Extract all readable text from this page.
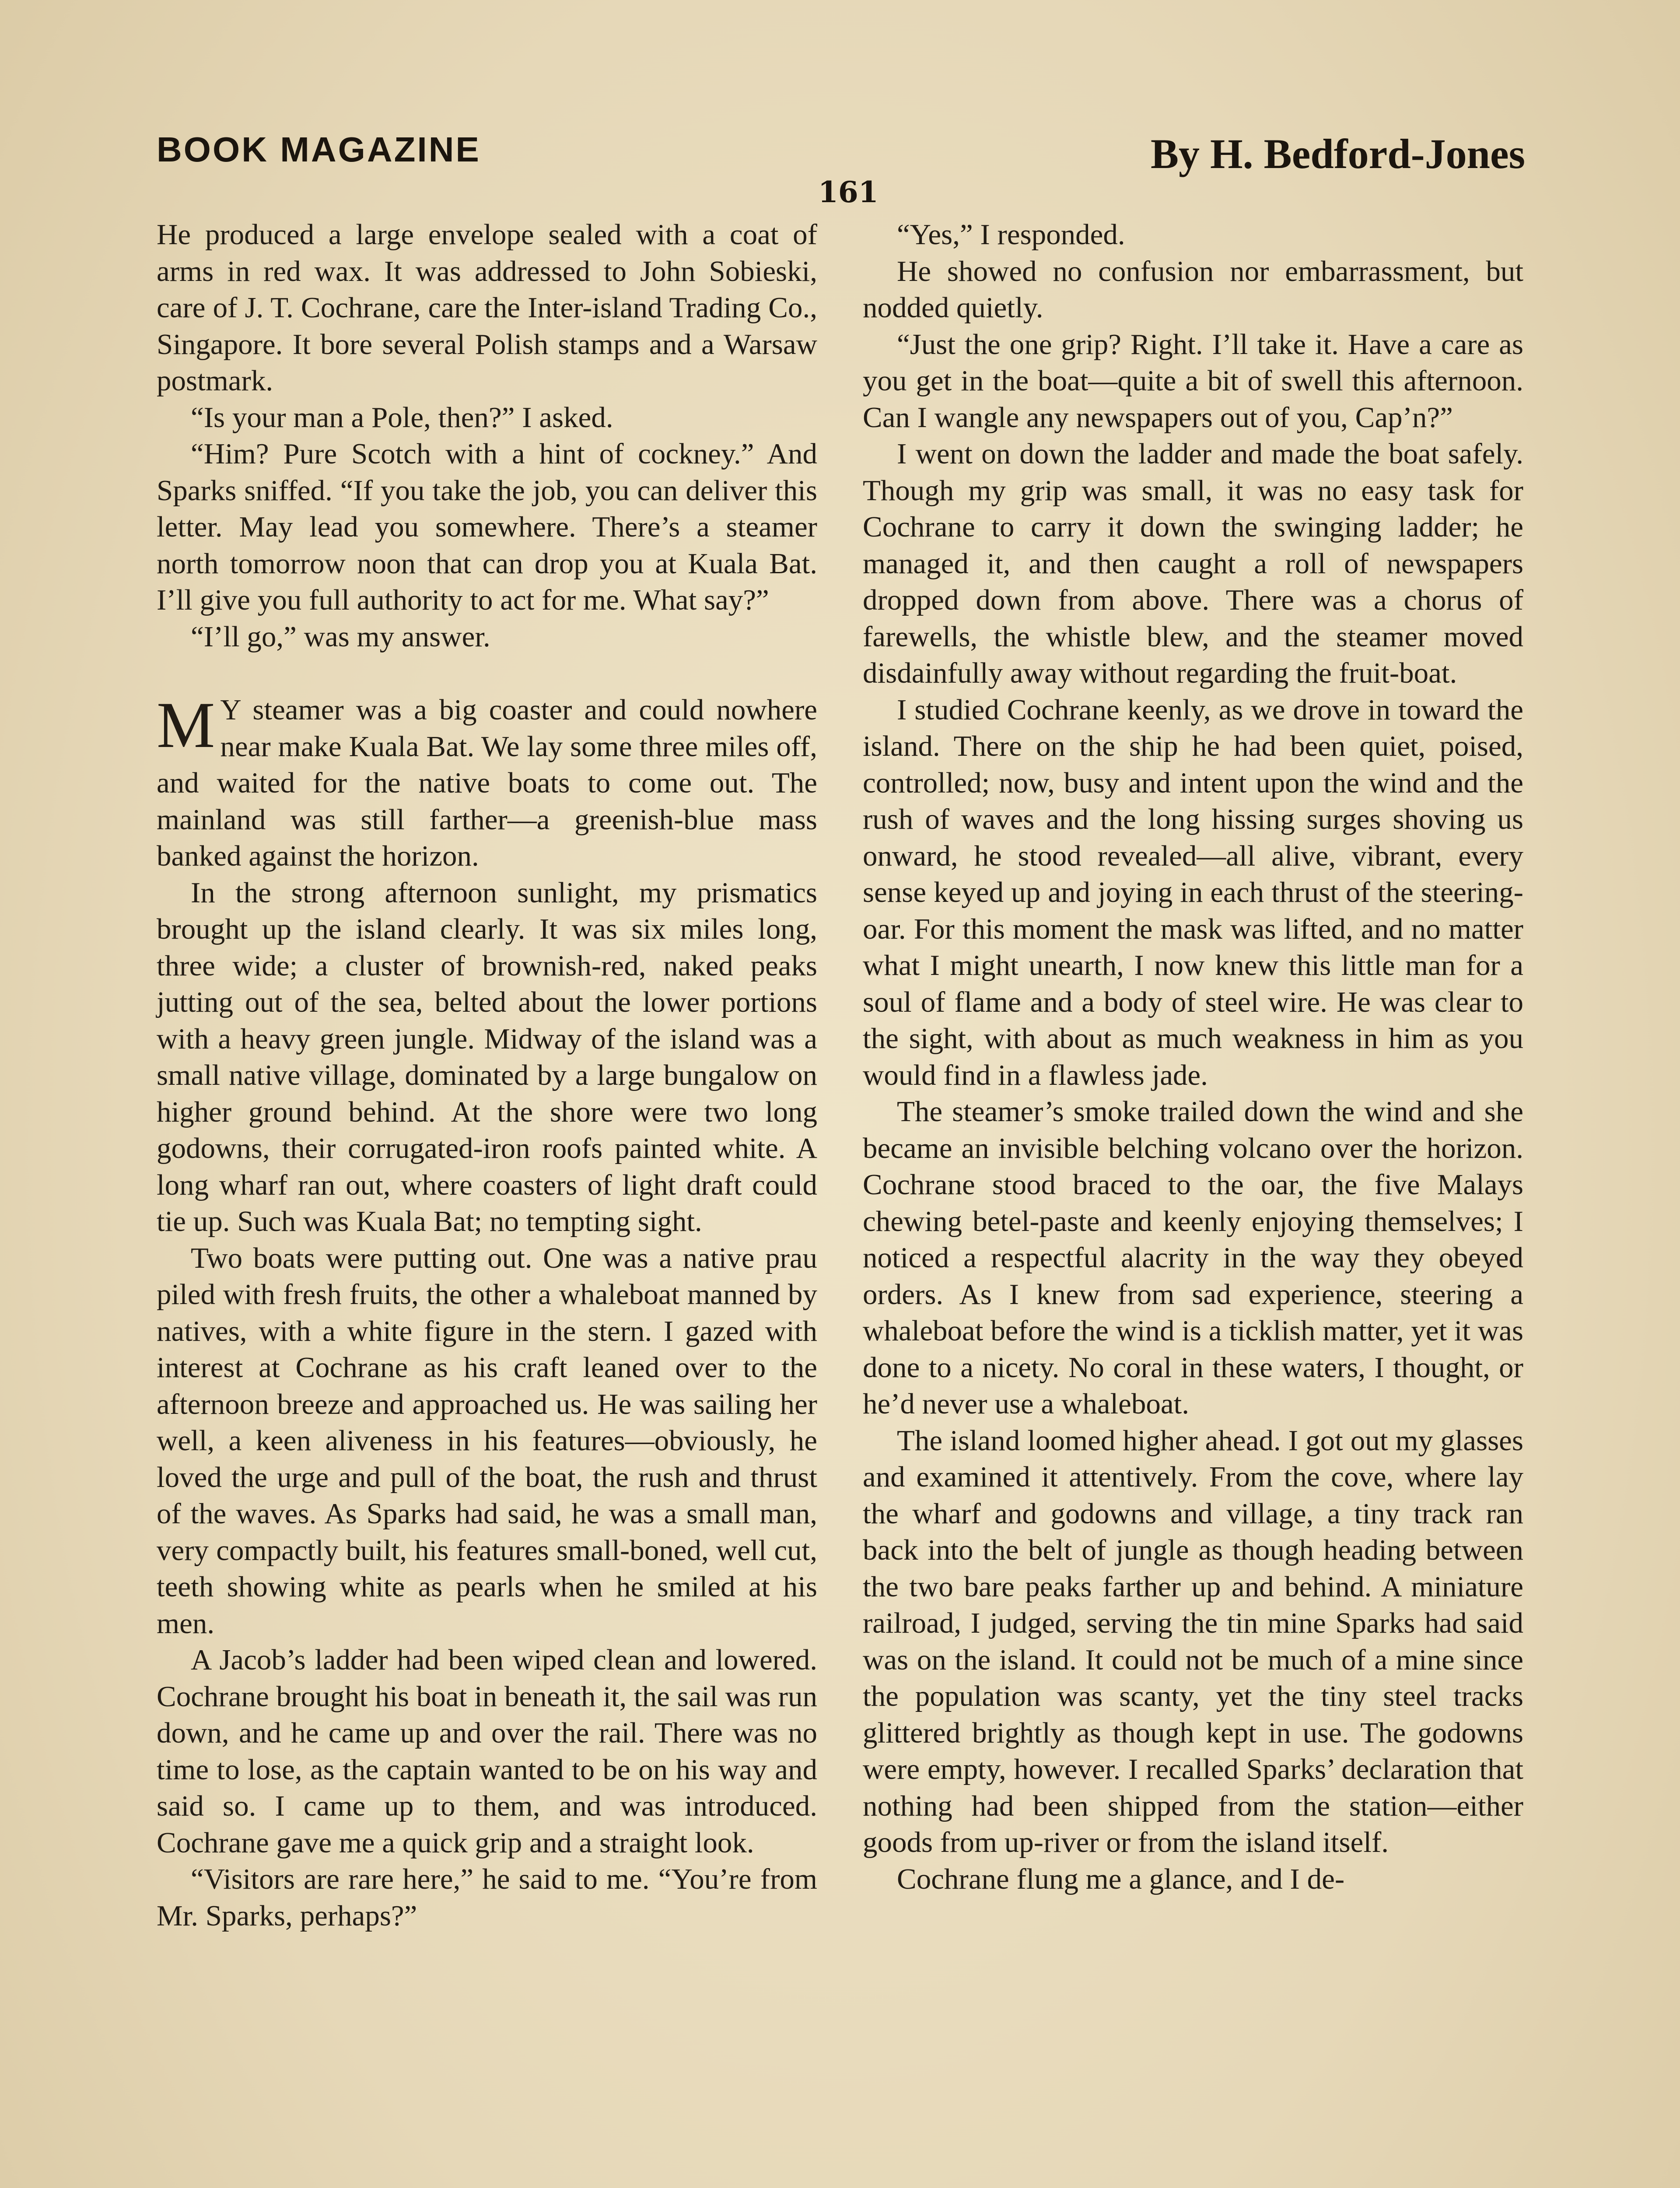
BOOK MAGAZINE	By H. Bedford-Jones
161

He produced a large envelope sealed with a coat of arms in red wax. It was addressed to John Sobieski, care of J. T. Cochrane, care the Inter-island Trading Co., Singapore. It bore several Polish stamps and a Warsaw postmark.

“Is your man a Pole, then?” I asked.

“Him? Pure Scotch with a hint of cockney.” And Sparks sniffed. “If you take the job, you can deliver this letter. May lead you somewhere. There’s a steamer north tomorrow noon that can drop you at Kuala Bat. I’ll give you full authority to act for me. What say?”

“I’ll go,” was my answer.

M Y steamer was a big coaster and could nowhere near make Kuala Bat. We lay some three miles off, and waited for the native boats to come out. The mainland was still farther—a greenish-blue mass banked against the horizon.

In the strong afternoon sunlight, my prismatics brought up the island clearly. It was six miles long, three wide; a cluster of brownish-red, naked peaks jutting out of the sea, belted about the lower portions with a heavy green jungle. Midway of the island was a small native village, dominated by a large bungalow on higher ground behind. At the shore were two long godowns, their corrugated-iron roofs painted white. A long wharf ran out, where coasters of light draft could tie up. Such was Kuala Bat; no tempting sight.

Two boats were putting out. One was a native prau piled with fresh fruits, the other a whaleboat manned by natives, with a white figure in the stern. I gazed with interest at Cochrane as his craft leaned over to the afternoon breeze and approached us. He was sailing her well, a keen aliveness in his features—obviously, he loved the urge and pull of the boat, the rush and thrust of the waves. As Sparks had said, he was a small man, very compactly built, his features small-boned, well cut, teeth showing white as pearls when he smiled at his men.

A Jacob’s ladder had been wiped clean and lowered. Cochrane brought his boat in beneath it, the sail was run down, and he came up and over the rail. There was no time to lose, as the captain wanted to be on his way and said so. I came up to them, and was introduced. Cochrane gave me a quick grip and a straight look.

“Visitors are rare here,” he said to me. “You’re from Mr. Sparks, perhaps?”

“Yes,” I responded.

He showed no confusion nor embarrassment, but nodded quietly.

“Just the one grip? Right. I’ll take it. Have a care as you get in the boat—quite a bit of swell this afternoon. Can I wangle any newspapers out of you, Cap’n?”

I went on down the ladder and made the boat safely. Though my grip was small, it was no easy task for Cochrane to carry it down the swinging ladder; he managed it, and then caught a roll of newspapers dropped down from above. There was a chorus of farewells, the whistle blew, and the steamer moved disdainfully away without regarding the fruit-boat.

I studied Cochrane keenly, as we drove in toward the island. There on the ship he had been quiet, poised, controlled; now, busy and intent upon the wind and the rush of waves and the long hissing surges shoving us onward, he stood revealed—all alive, vibrant, every sense keyed up and joying in each thrust of the steering-oar. For this moment the mask was lifted, and no matter what I might unearth, I now knew this little man for a soul of flame and a body of steel wire. He was clear to the sight, with about as much weakness in him as you would find in a flawless jade.

The steamer’s smoke trailed down the wind and she became an invisible belching volcano over the horizon. Cochrane stood braced to the oar, the five Malays chewing betel-paste and keenly enjoying themselves; I noticed a respectful alacrity in the way they obeyed orders. As I knew from sad experience, steering a whaleboat before the wind is a ticklish matter, yet it was done to a nicety. No coral in these waters, I thought, or he’d never use a whaleboat.

The island loomed higher ahead. I got out my glasses and examined it attentively. From the cove, where lay the wharf and godowns and village, a tiny track ran back into the belt of jungle as though heading between the two bare peaks farther up and behind. A miniature railroad, I judged, serving the tin mine Sparks had said was on the island. It could not be much of a mine since the population was scanty, yet the tiny steel tracks glittered brightly as though kept in use. The godowns were empty, however. I recalled Sparks’ declaration that nothing had been shipped from the station—either goods from up-river or from the island itself.

Cochrane flung me a glance, and I de-
